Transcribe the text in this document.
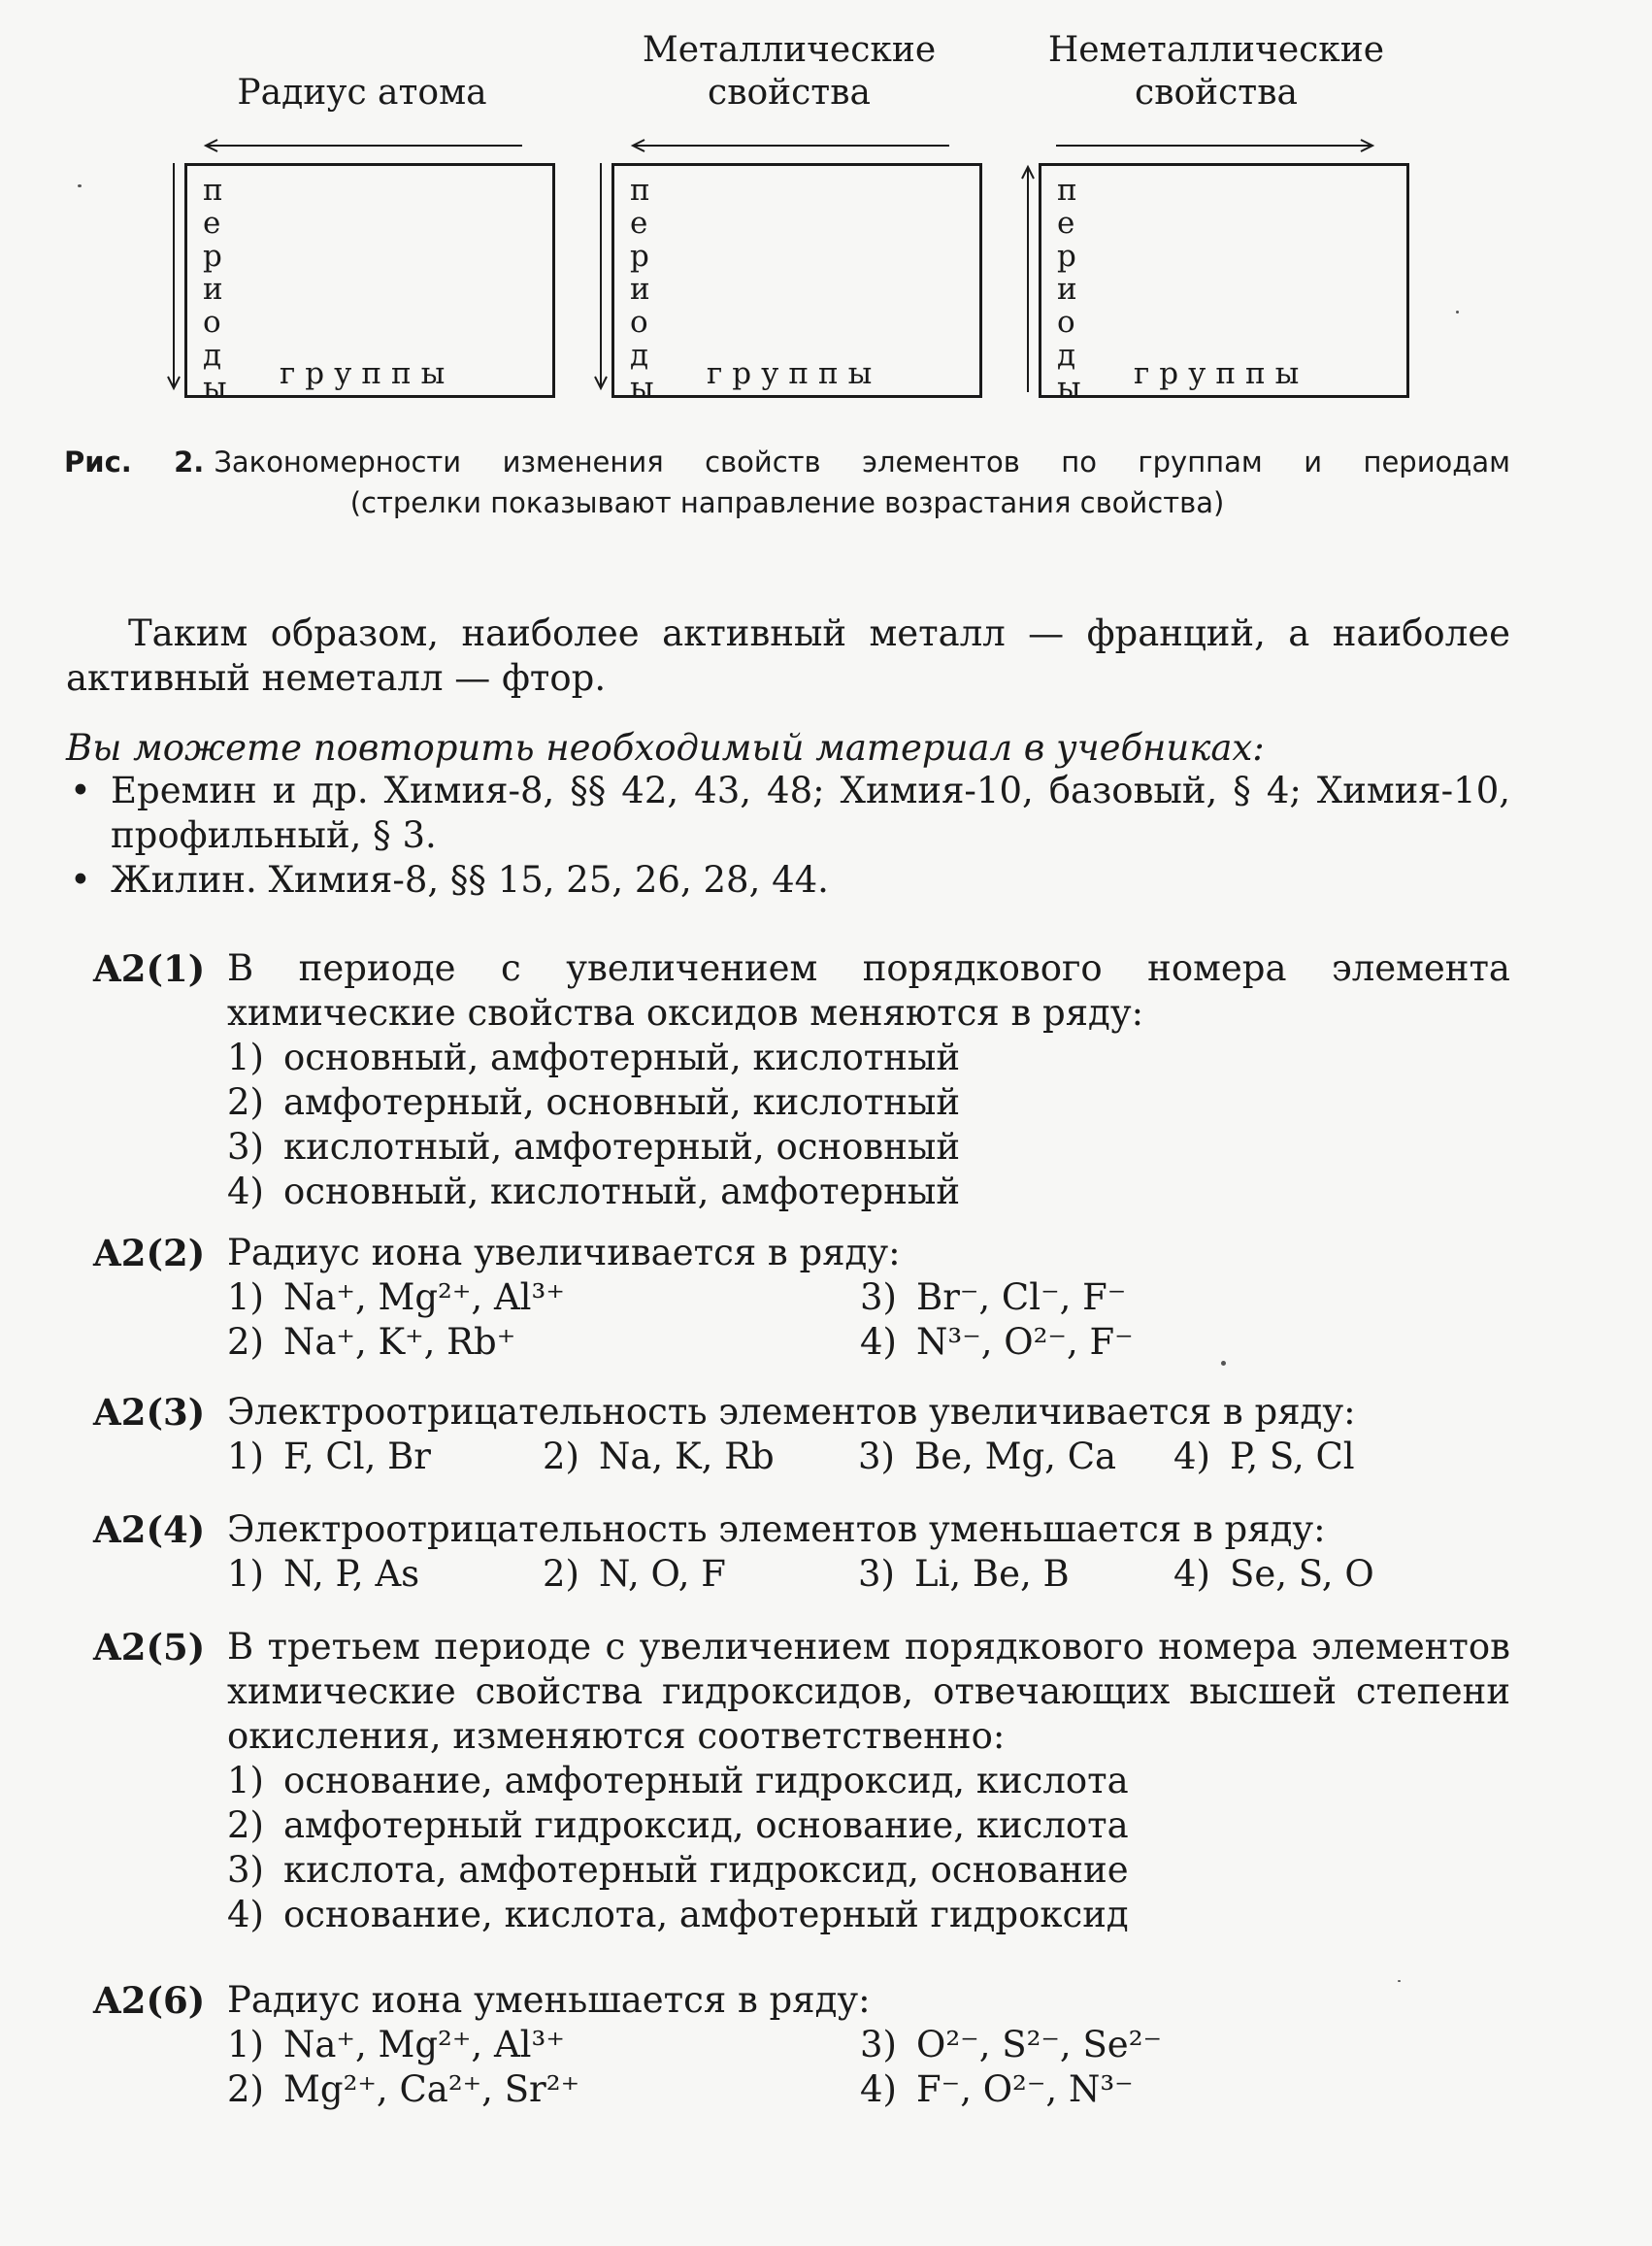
Радиус атома
п
е
р
и
о
д
ы группы
Металлические свойства
п
е
р
и
о
д
ы группы
Неметаллические свойства
п
е
р
и
о
д
ы группы
Рис. 2. Закономерности изменения свойств элементов по группам и периодам
(стрелки показывают направление возрастания свойства)
Таким образом, наиболее активный металл — франций, а наиболее активный неметалл — фтор.
Вы можете повторить необходимый материал в учебниках:
• Еремин и др. Химия-8, §§ 42, 43, 48; Химия-10, базовый, § 4; Химия-10, профильный, § 3.
• Жилин. Химия-8, §§ 15, 25, 26, 28, 44.
A2(1) В периоде с увеличением порядкового номера элемента химические свойства оксидов меняются в ряду:
1) основный, амфотерный, кислотный
2) амфотерный, основный, кислотный
3) кислотный, амфотерный, основный
4) основный, кислотный, амфотерный
A2(2) Радиус иона увеличивается в ряду:
1) Na⁺, Mg²⁺, Al³⁺	3) Br⁻, Cl⁻, F⁻
2) Na⁺, K⁺, Rb⁺	4) N³⁻, O²⁻, F⁻
A2(3) Электроотрицательность элементов увеличивается в ряду:
1) F, Cl, Br	2) Na, K, Rb	3) Be, Mg, Ca	4) P, S, Cl
A2(4) Электроотрицательность элементов уменьшается в ряду:
1) N, P, As	2) N, O, F	3) Li, Be, B	4) Se, S, O
A2(5) В третьем периоде с увеличением порядкового номера элементов химические свойства гидроксидов, отвечающих высшей степени окисления, изменяются соответственно:
1) основание, амфотерный гидроксид, кислота
2) амфотерный гидроксид, основание, кислота
3) кислота, амфотерный гидроксид, основание
4) основание, кислота, амфотерный гидроксид
A2(6) Радиус иона уменьшается в ряду:
1) Na⁺, Mg²⁺, Al³⁺	3) O²⁻, S²⁻, Se²⁻
2) Mg²⁺, Ca²⁺, Sr²⁺	4) F⁻, O²⁻, N³⁻
